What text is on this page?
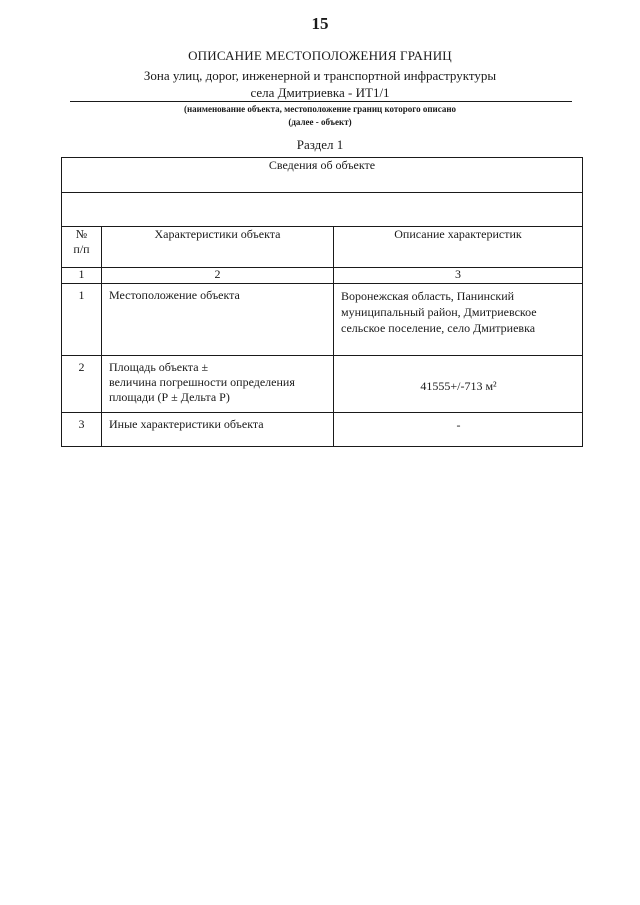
15
ОПИСАНИЕ МЕСТОПОЛОЖЕНИЯ ГРАНИЦ
Зона улиц, дорог, инженерной и транспортной инфраструктуры
села Дмитриевка - ИТ1/1
(наименование объекта, местоположение границ которого описано
(далее - объект)
Раздел 1
Сведения об объекте		

№
п/п	Характеристики объекта	Описание характеристик
1	2	3
1	Местоположение объекта	Воронежская область, Панинский
муниципальный район, Дмитриевское
сельское поселение, село Дмитриевка

2	Площадь объекта ±
величина погрешности определения
площади (Р ± Дельта Р)	41555+/-713 м²
3	Иные характеристики объекта	-
